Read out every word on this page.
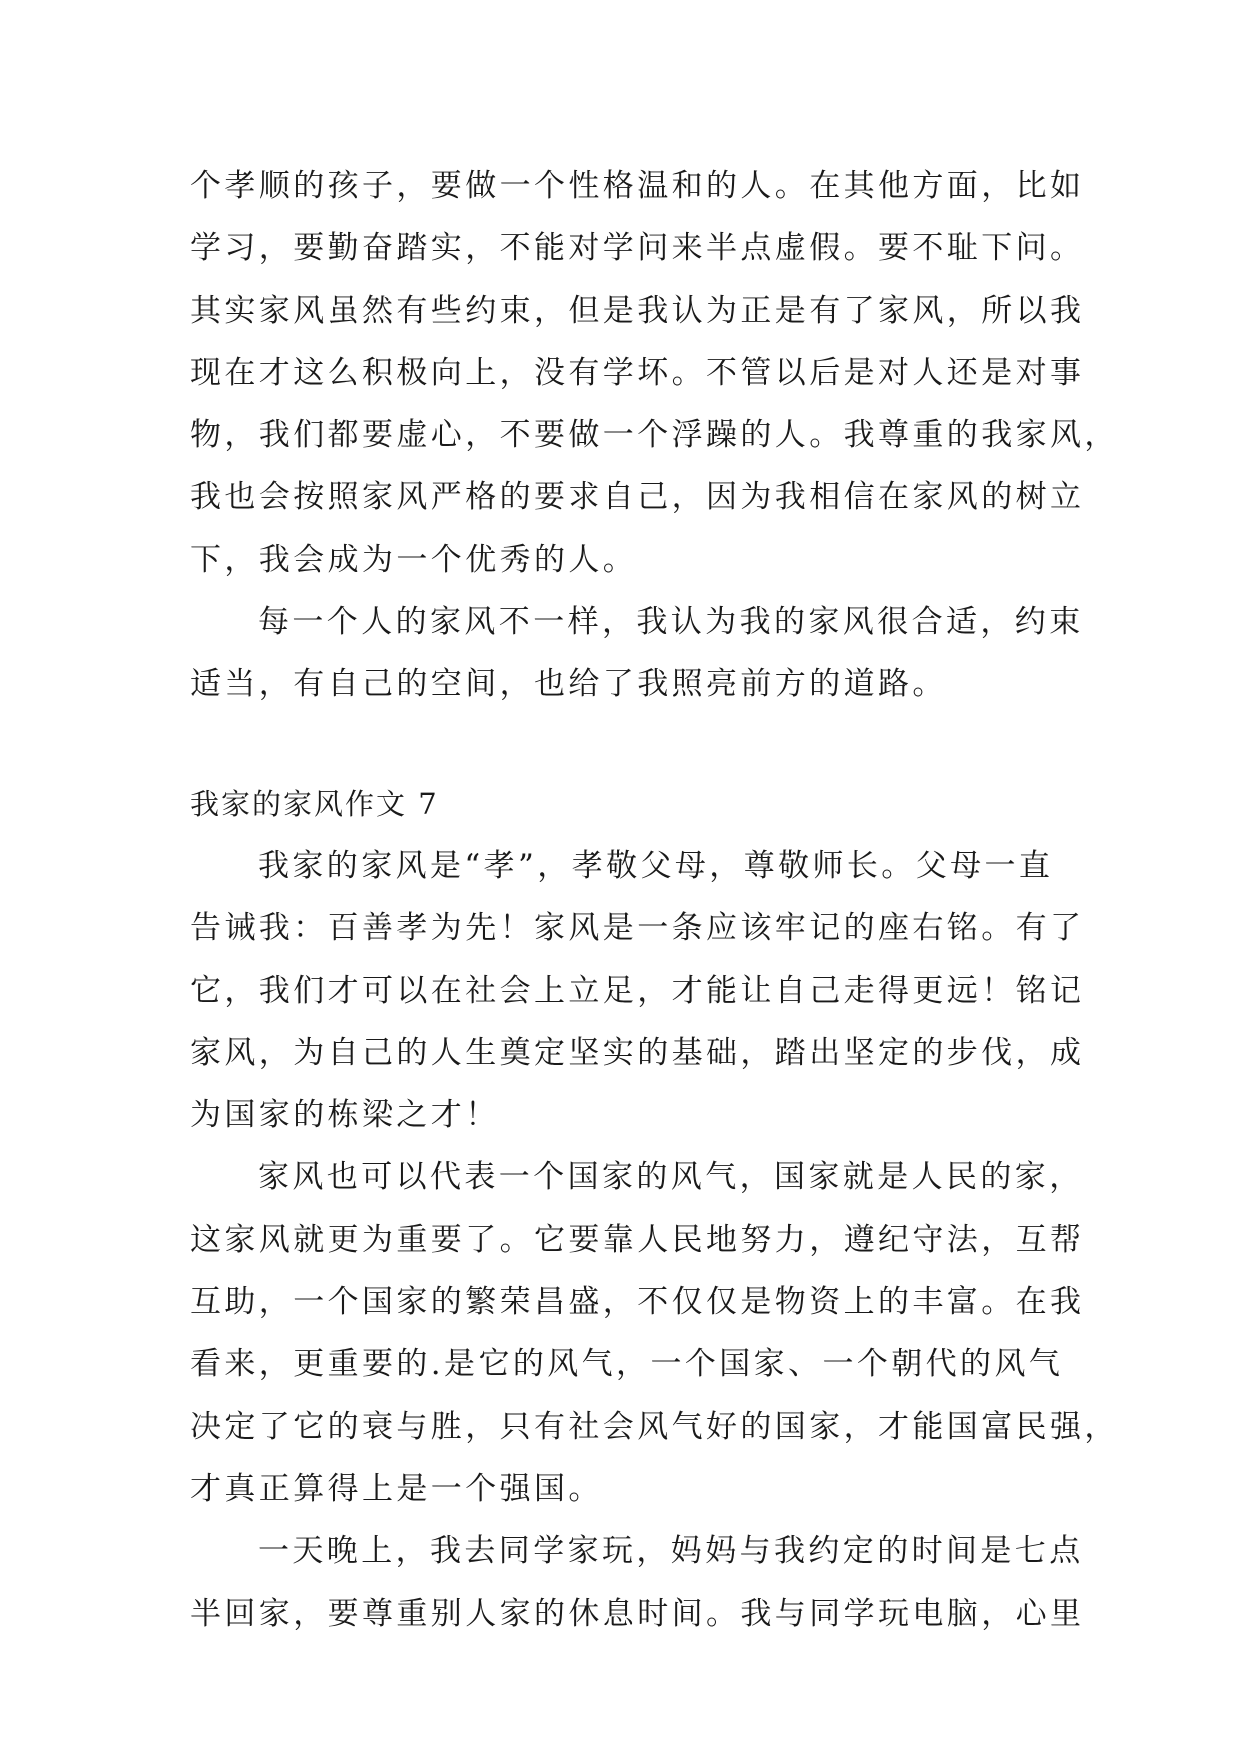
个孝顺的孩子，要做一个性格温和的人。在其他方面，比如
学习，要勤奋踏实，不能对学问来半点虚假。要不耻下问。
其实家风虽然有些约束，但是我认为正是有了家风，所以我
现在才这么积极向上，没有学坏。不管以后是对人还是对事
物，我们都要虚心，不要做一个浮躁的人。我尊重的我家风，
我也会按照家风严格的要求自己，因为我相信在家风的树立
下，我会成为一个优秀的人。
每一个人的家风不一样，我认为我的家风很合适，约束
适当，有自己的空间，也给了我照亮前方的道路。
我家的家风作文 7
我家的家风是“孝”，孝敬父母，尊敬师长。父母一直
告诫我：百善孝为先！家风是一条应该牢记的座右铭。有了
它，我们才可以在社会上立足，才能让自己走得更远！铭记
家风，为自己的人生奠定坚实的基础，踏出坚定的步伐，成
为国家的栋梁之才！
家风也可以代表一个国家的风气，国家就是人民的家，
这家风就更为重要了。它要靠人民地努力，遵纪守法，互帮
互助，一个国家的繁荣昌盛，不仅仅是物资上的丰富。在我
看来，更重要的.是它的风气，一个国家、一个朝代的风气
决定了它的衰与胜，只有社会风气好的国家，才能国富民强，
才真正算得上是一个强国。
一天晚上，我去同学家玩，妈妈与我约定的时间是七点
半回家，要尊重别人家的休息时间。我与同学玩电脑，心里
